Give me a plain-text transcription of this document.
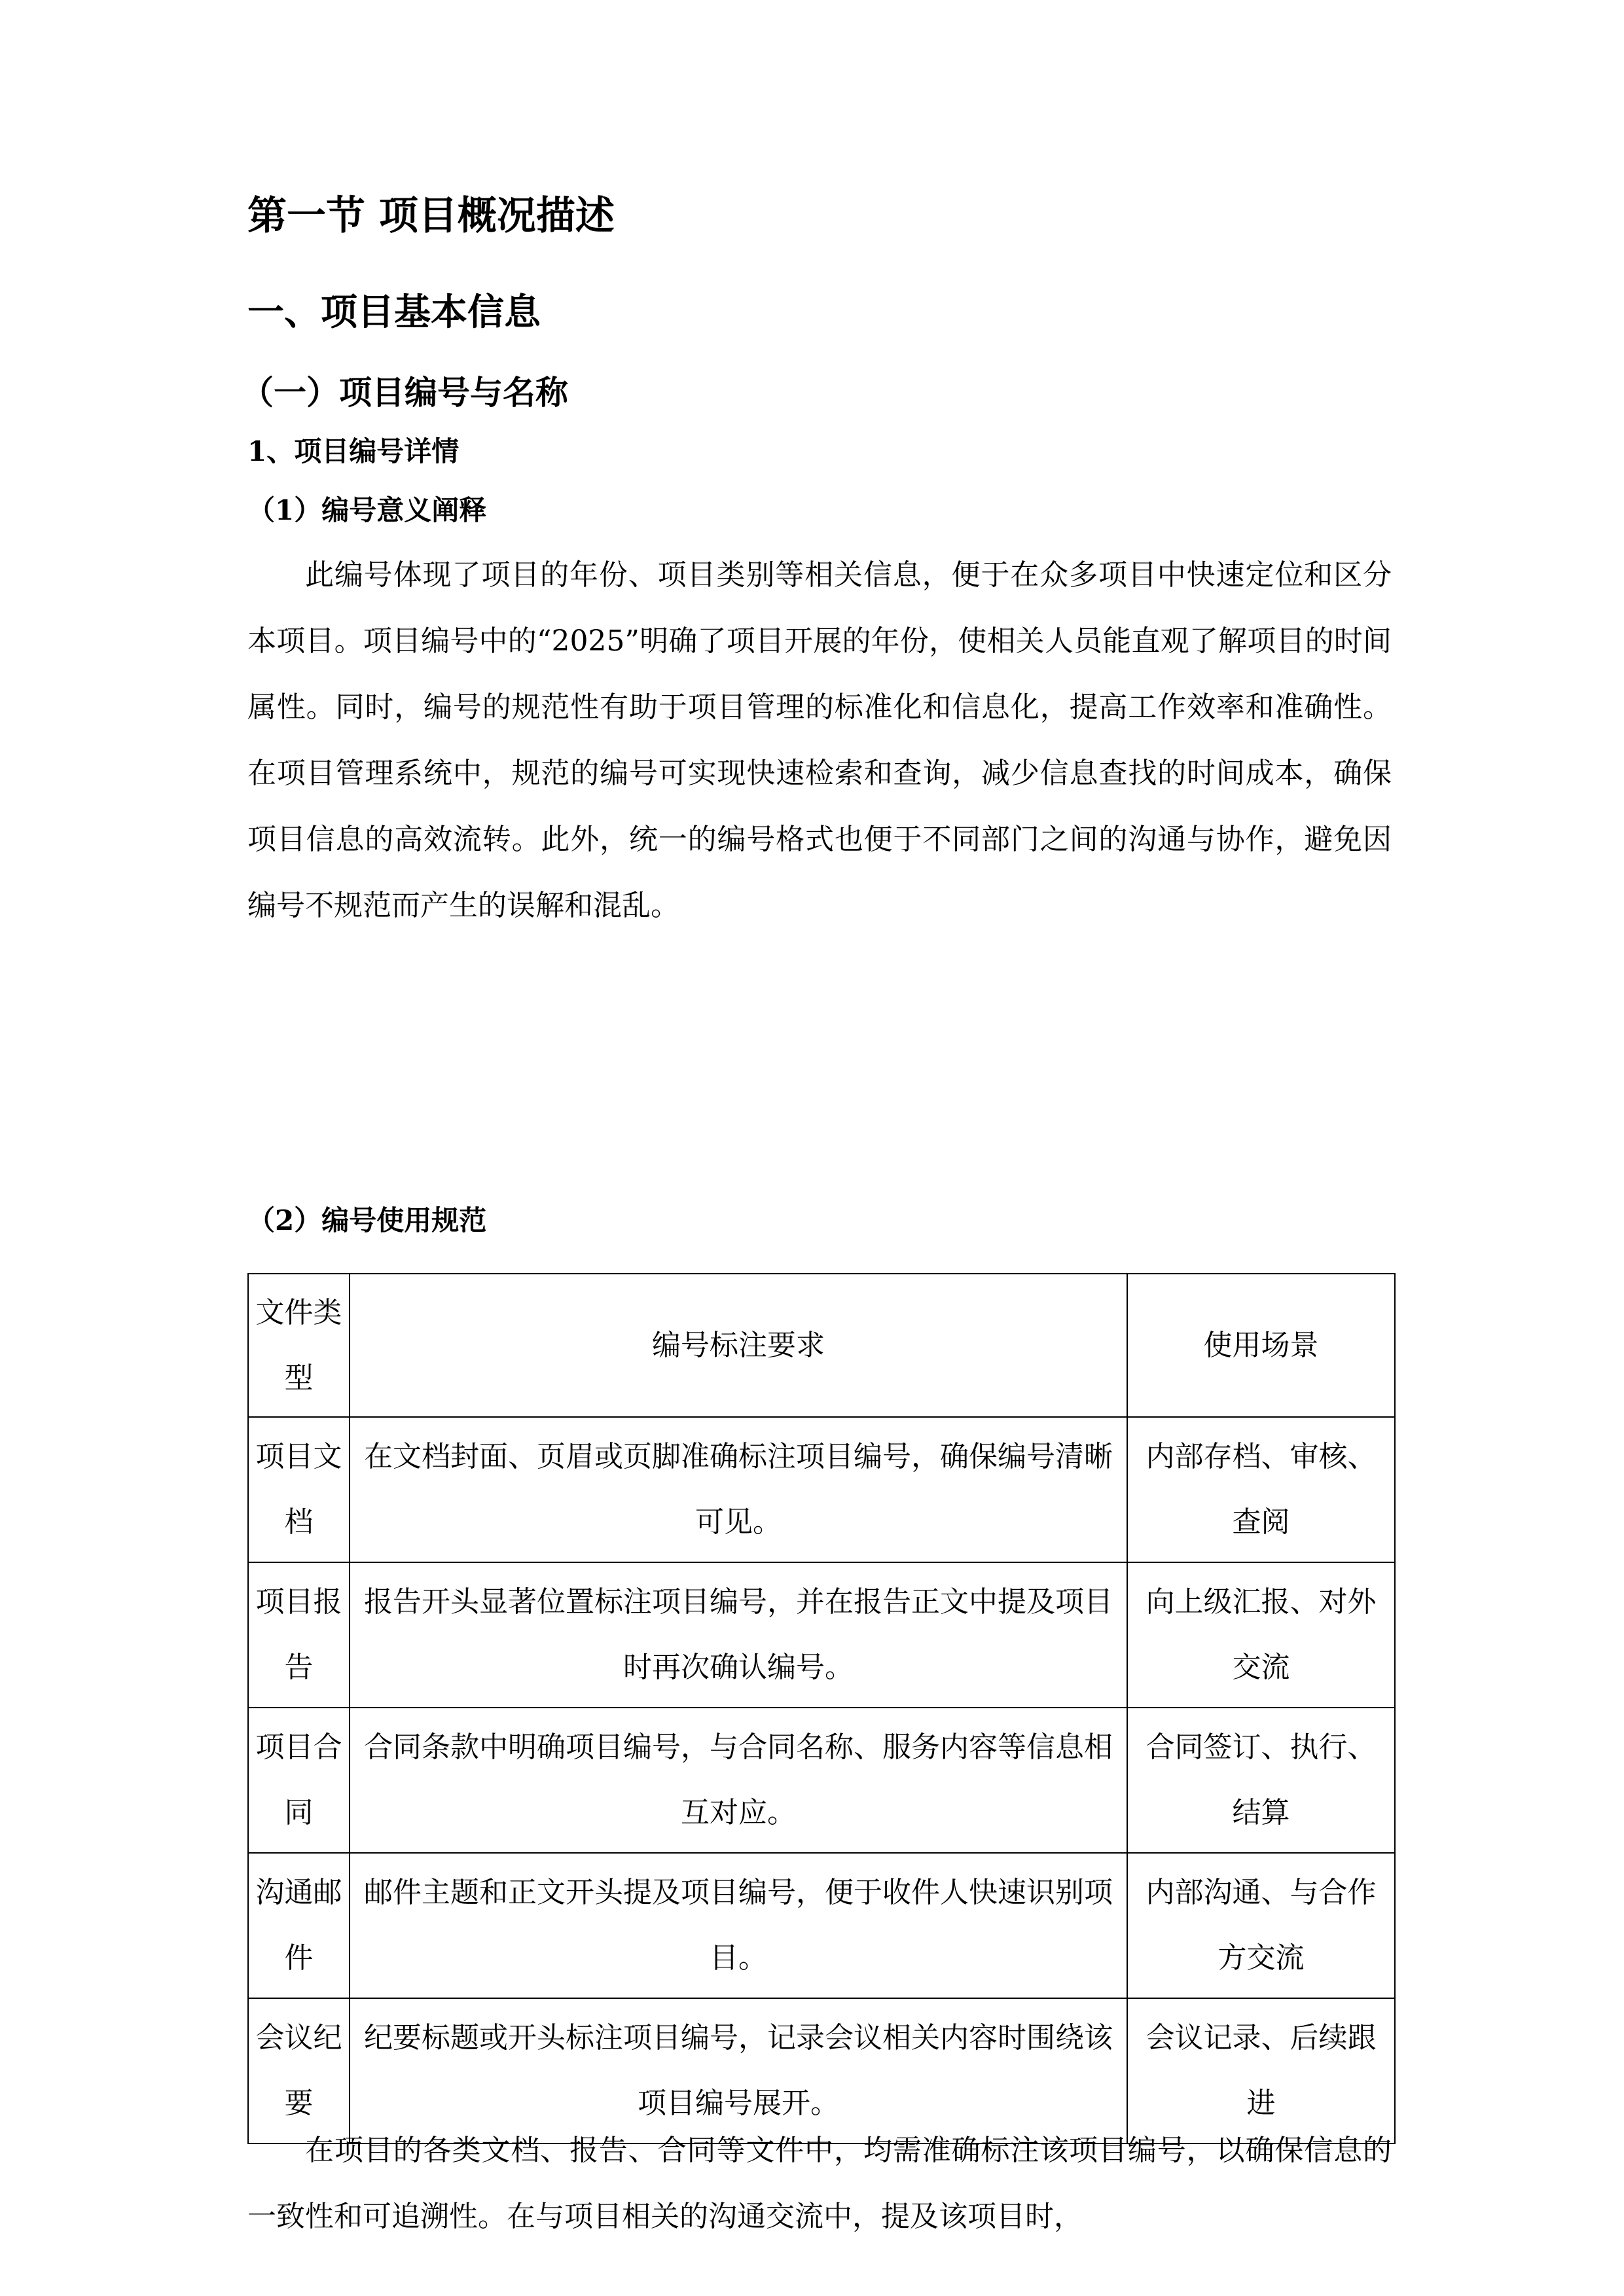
第一节 项目概况描述
一、项目基本信息
（一）项目编号与名称
1、项目编号详情
（1）编号意义阐释

此编号体现了项目的年份、项目类别等相关信息，便于在众多项目中快速定位和区分本项目。项目编号中的“2025”明确了项目开展的年份，使相关人员能直观了解项目的时间属性。同时，编号的规范性有助于项目管理的标准化和信息化，提高工作效率和准确性。在项目管理系统中，规范的编号可实现快速检索和查询，减少信息查找的时间成本，确保项目信息的高效流转。此外，统一的编号格式也便于不同部门之间的沟通与协作，避免因编号不规范而产生的误解和混乱。

（2）编号使用规范
文件类型	编号标注要求	使用场景
项目文档	在文档封面、页眉或页脚准确标注项目编号，确保编号清晰可见。	内部存档、审核、查阅
项目报告	报告开头显著位置标注项目编号，并在报告正文中提及项目时再次确认编号。	向上级汇报、对外交流
项目合同	合同条款中明确项目编号，与合同名称、服务内容等信息相互对应。	合同签订、执行、结算
沟通邮件	邮件主题和正文开头提及项目编号，便于收件人快速识别项目。	内部沟通、与合作方交流
会议纪要	纪要标题或开头标注项目编号，记录会议相关内容时围绕该项目编号展开。	会议记录、后续跟进

在项目的各类文档、报告、合同等文件中，均需准确标注该项目编号，以确保信息的一致性和可追溯性。在与项目相关的沟通交流中，提及该项目时，
